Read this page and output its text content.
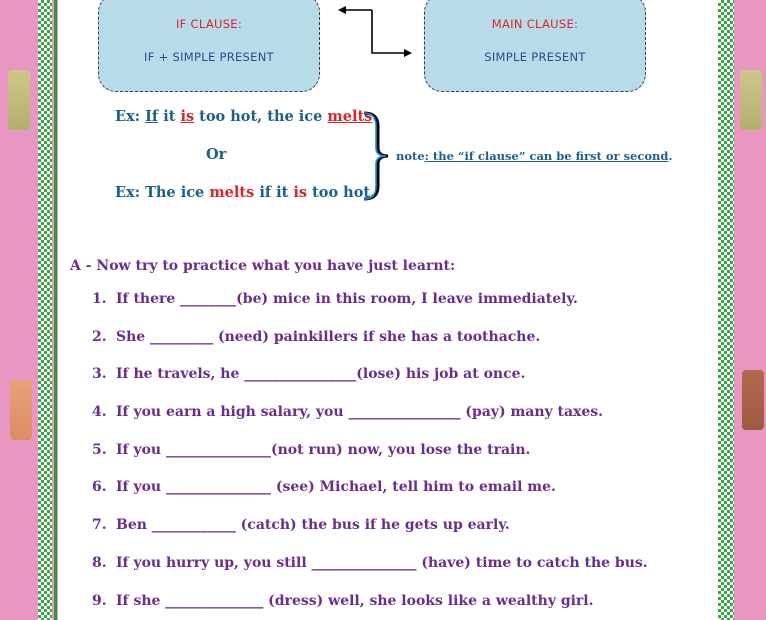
IF CLAUSE:
IF + SIMPLE PRESENT
MAIN CLAUSE:
SIMPLE PRESENT
Ex: If it is too hot, the ice melts.
Or
Ex: The ice melts if it is too hot.
note: the “if clause” can be first or second.
A - Now try to practice what you have just learnt:
1. If there ________(be) mice in this room, I leave immediately.
2. She _________ (need) painkillers if she has a toothache.
3. If he travels, he ________________(lose) his job at once.
4. If you earn a high salary, you ________________ (pay) many taxes.
5. If you _______________(not run) now, you lose the train.
6. If you _______________ (see) Michael, tell him to email me.
7. Ben ____________ (catch) the bus if he gets up early.
8. If you hurry up, you still _______________ (have) time to catch the bus.
9. If she ______________ (dress) well, she looks like a wealthy girl.
